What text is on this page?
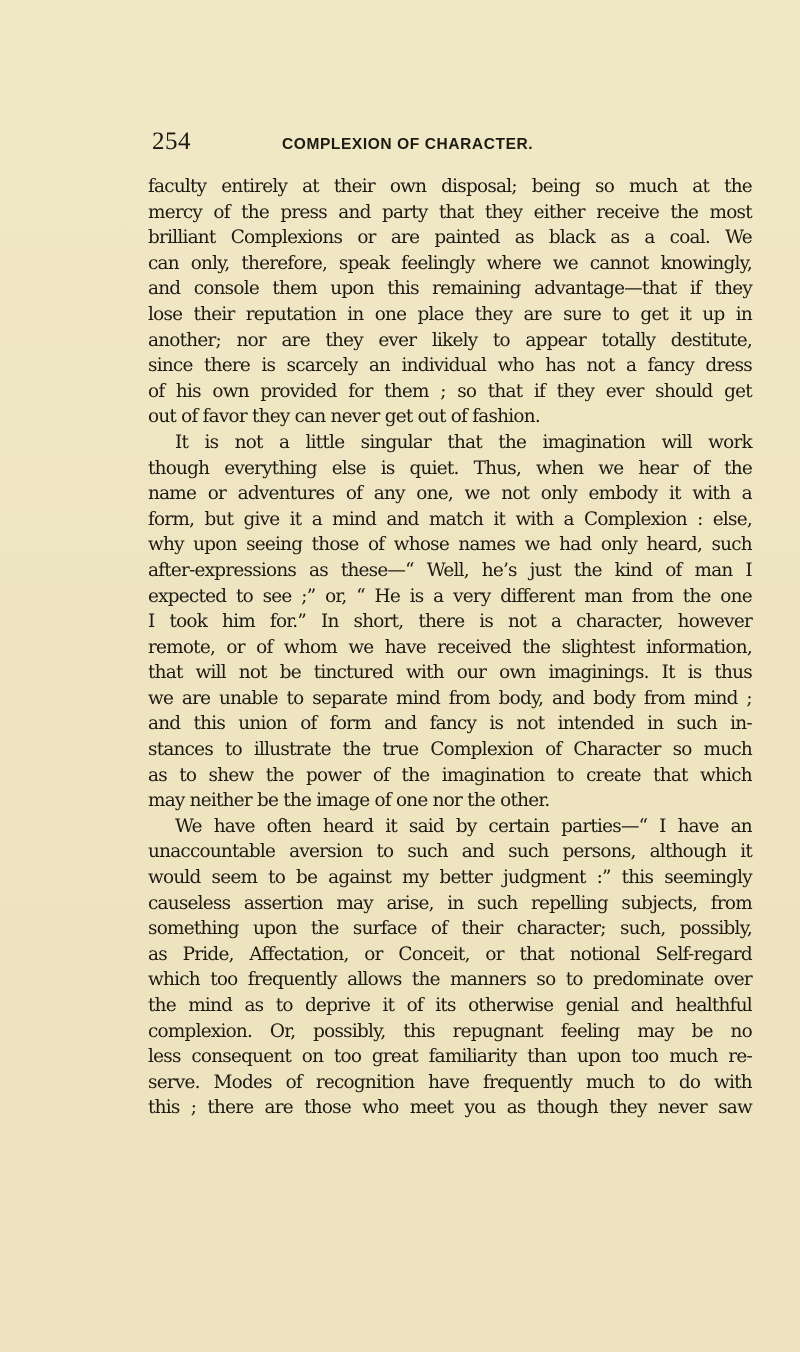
254	COMPLEXION OF CHARACTER.
faculty entirely at their own disposal; being so much at the
mercy of the press and party that they either receive the most
brilliant Complexions or are painted as black as a coal. We
can only, therefore, speak feelingly where we cannot knowingly,
and console them upon this remaining advantage—that if they
lose their reputation in one place they are sure to get it up in
another; nor are they ever likely to appear totally destitute,
since there is scarcely an individual who has not a fancy dress
of his own provided for them ; so that if they ever should get
out of favor they can never get out of fashion.
It is not a little singular that the imagination will work
though everything else is quiet. Thus, when we hear of the
name or adventures of any one, we not only embody it with a
form, but give it a mind and match it with a Complexion : else,
why upon seeing those of whose names we had only heard, such
after-expressions as these—“ Well, he’s just the kind of man I
expected to see ;” or, “ He is a very different man from the one
I took him for.” In short, there is not a character, however
remote, or of whom we have received the slightest information,
that will not be tinctured with our own imaginings. It is thus
we are unable to separate mind from body, and body from mind ;
and this union of form and fancy is not intended in such in-
stances to illustrate the true Complexion of Character so much
as to shew the power of the imagination to create that which
may neither be the image of one nor the other.
We have often heard it said by certain parties—“ I have an
unaccountable aversion to such and such persons, although it
would seem to be against my better judgment :” this seemingly
causeless assertion may arise, in such repelling subjects, from
something upon the surface of their character; such, possibly,
as Pride, Affectation, or Conceit, or that notional Self-regard
which too frequently allows the manners so to predominate over
the mind as to deprive it of its otherwise genial and healthful
complexion. Or, possibly, this repugnant feeling may be no
less consequent on too great familiarity than upon too much re-
serve. Modes of recognition have frequently much to do with
this ; there are those who meet you as though they never saw
